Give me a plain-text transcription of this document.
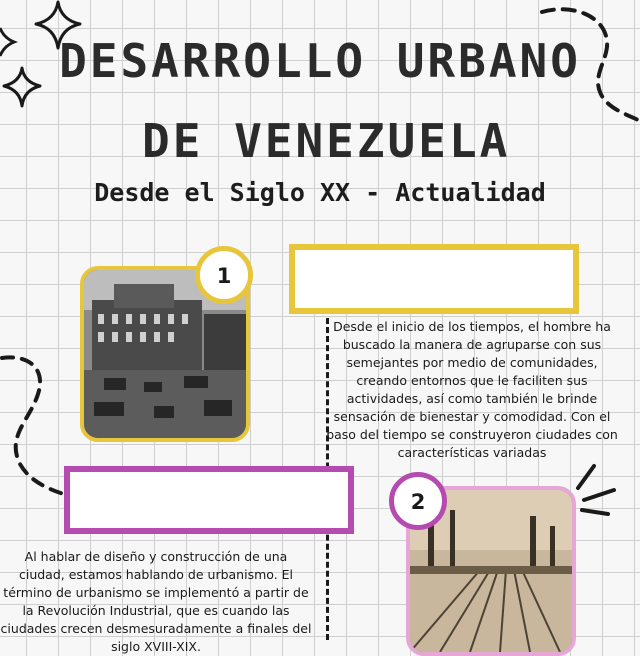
DESARROLLO URBANO
DE VENEZUELA
Desde el Siglo XX - Actualidad
1
Desde el inicio de los tiempos, el hombre ha buscado la manera de agruparse con sus semejantes por medio de comunidades, creando entornos que le faciliten sus actividades, así como también le brinde sensación de bienestar y comodidad. Con el paso del tiempo se construyeron ciudades con características variadas
2
Al hablar de diseño y construcción de una ciudad, estamos hablando de urbanismo. El término de urbanismo se implementó a partir de la Revolución Industrial, que es cuando las ciudades crecen desmesuradamente a finales del siglo XVIII-XIX.
